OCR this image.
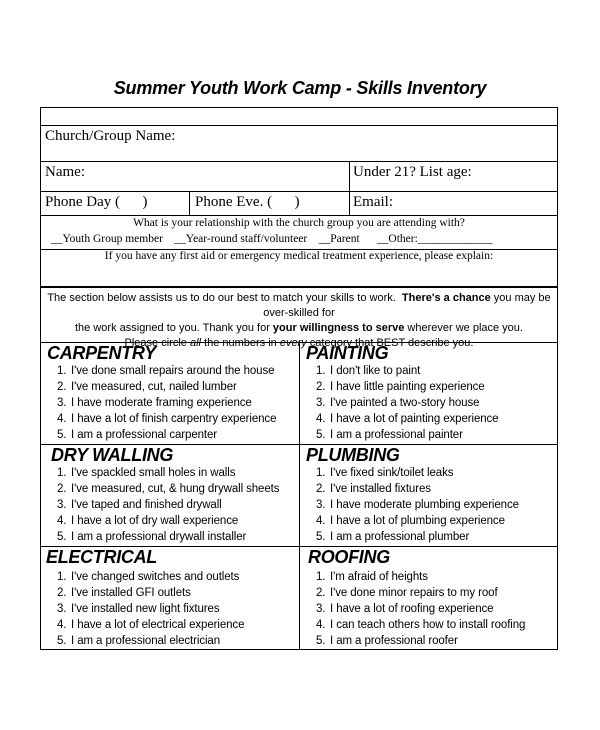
Summer Youth Work Camp - Skills Inventory
Church/Group Name:
Name:	Under 21? List age:
Phone Day (      )	Phone Eve. (      )	Email:
What is your relationship with the church group you are attending with?
__Youth Group member    __Year-round staff/volunteer    __Parent      __Other:_____________
If you have any first aid or emergency medical treatment experience, please explain:
The section below assists us to do our best to match your skills to work.  There's a chance you may be over-skilled for
the work assigned to you. Thank you for your willingness to serve wherever we place you.
Please circle all the numbers in every category that BEST describe you.
CARPENTRY
1. I've done small repairs around the house
2. I've measured, cut, nailed lumber
3. I have moderate framing experience
4. I have a lot of finish carpentry experience
5. I am a professional carpenter
PAINTING
1. I don't like to paint
2. I have little painting experience
3. I've painted a two-story house
4. I have a lot of painting experience
5. I am a professional painter
DRY WALLING
1. I've spackled small holes in walls
2. I've measured, cut, & hung drywall sheets
3. I've taped and finished drywall
4. I have a lot of dry wall experience
5. I am a professional drywall installer
PLUMBING
1. I've fixed sink/toilet leaks
2. I've installed fixtures
3. I have moderate plumbing experience
4. I have a lot of plumbing experience
5. I am a professional plumber
ELECTRICAL
1. I've changed switches and outlets
2. I've installed GFI outlets
3. I've installed new light fixtures
4. I have a lot of electrical experience
5. I am a professional electrician
ROOFING
1. I'm afraid of heights
2. I've done minor repairs to my roof
3. I have a lot of roofing experience
4. I can teach others how to install roofing
5. I am a professional roofer
